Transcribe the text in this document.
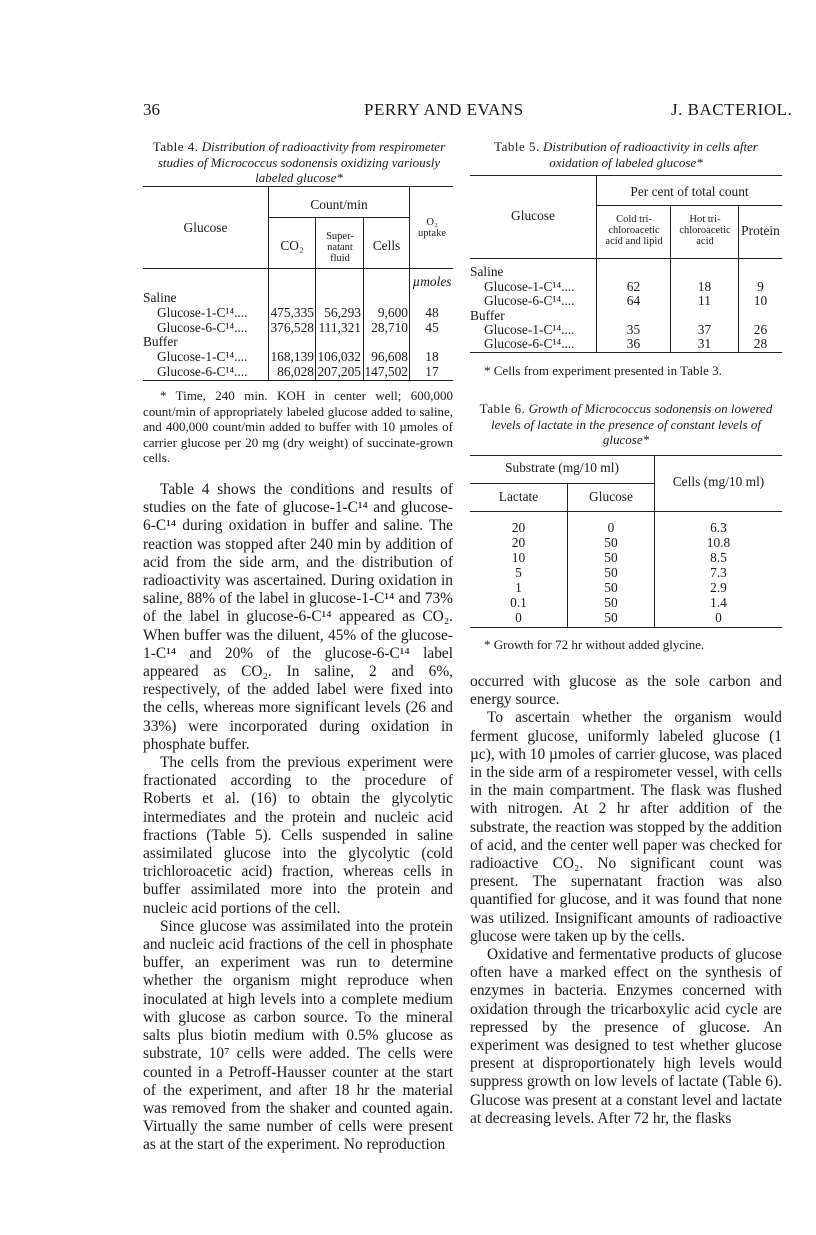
36	PERRY AND EVANS	J. BACTERIOL.
Table 4. Distribution of radioactivity from respirometer studies of Micrococcus sodonensis oxidizing variously labeled glucose*
Glucose
Count/min
CO₂
Super-natant fluid
Cells
O₂ uptake
µmoles
Saline
Glucose-1-C¹⁴....	475,335 56,293	9,600	48
Glucose-6-C¹⁴....	376,528 111,321 28,710	45
Buffer
Glucose-1-C¹⁴....	168,139 106,032 96,608	18
Glucose-6-C¹⁴....	86,028 207,205 147,502	17
* Time, 240 min. KOH in center well; 600,000 count/min of appropriately labeled glucose added to saline, and 400,000 count/min added to buffer with 10 µmoles of carrier glucose per 20 mg (dry weight) of succinate-grown cells.

Table 4 shows the conditions and results of studies on the fate of glucose-1-C¹⁴ and glucose-6-C¹⁴ during oxidation in buffer and saline. The reaction was stopped after 240 min by addition of acid from the side arm, and the distribution of radioactivity was ascertained. During oxidation in saline, 88% of the label in glucose-1-C¹⁴ and 73% of the label in glucose-6-C¹⁴ appeared as CO₂. When buffer was the diluent, 45% of the glucose-1-C¹⁴ and 20% of the glucose-6-C¹⁴ label appeared as CO₂. In saline, 2 and 6%, respectively, of the added label were fixed into the cells, whereas more significant levels (26 and 33%) were incorporated during oxidation in phosphate buffer.

The cells from the previous experiment were fractionated according to the procedure of Roberts et al. (16) to obtain the glycolytic intermediates and the protein and nucleic acid fractions (Table 5). Cells suspended in saline assimilated glucose into the glycolytic (cold trichloroacetic acid) fraction, whereas cells in buffer assimilated more into the protein and nucleic acid portions of the cell.

Since glucose was assimilated into the protein and nucleic acid fractions of the cell in phosphate buffer, an experiment was run to determine whether the organism might reproduce when inoculated at high levels into a complete medium with glucose as carbon source. To the mineral salts plus biotin medium with 0.5% glucose as substrate, 10⁷ cells were added. The cells were counted in a Petroff-Hausser counter at the start of the experiment, and after 18 hr the material was removed from the shaker and counted again. Virtually the same number of cells were present as at the start of the experiment. No reproduction

Table 5. Distribution of radioactivity in cells after oxidation of labeled glucose*
Glucose
Per cent of total count
Cold tri-chloroacetic acid and lipid
Hot tri-chloroacetic acid
Protein
Saline
Glucose-1-C¹⁴....	62	18	9
Glucose-6-C¹⁴....	64	11	10
Buffer
Glucose-1-C¹⁴....	35	37	26
Glucose-6-C¹⁴....	36	31	28
* Cells from experiment presented in Table 3.
Table 6. Growth of Micrococcus sodonensis on lowered levels of lactate in the presence of constant levels of glucose*
Substrate (mg/10 ml)
Lactate	Glucose
Cells (mg/10 ml)
20	0	6.3
20	50	10.8
10	50	8.5
5	50	7.3
1	50	2.9
0.1	50	1.4
0	50	0
* Growth for 72 hr without added glycine.

occurred with glucose as the sole carbon and energy source.

To ascertain whether the organism would ferment glucose, uniformly labeled glucose (1 µc), with 10 µmoles of carrier glucose, was placed in the side arm of a respirometer vessel, with cells in the main compartment. The flask was flushed with nitrogen. At 2 hr after addition of the substrate, the reaction was stopped by the addition of acid, and the center well paper was checked for radioactive CO₂. No significant count was present. The supernatant fraction was also quantified for glucose, and it was found that none was utilized. Insignificant amounts of radioactive glucose were taken up by the cells.

Oxidative and fermentative products of glucose often have a marked effect on the synthesis of enzymes in bacteria. Enzymes concerned with oxidation through the tricarboxylic acid cycle are repressed by the presence of glucose. An experiment was designed to test whether glucose present at disproportionately high levels would suppress growth on low levels of lactate (Table 6). Glucose was present at a constant level and lactate at decreasing levels. After 72 hr, the flasks
